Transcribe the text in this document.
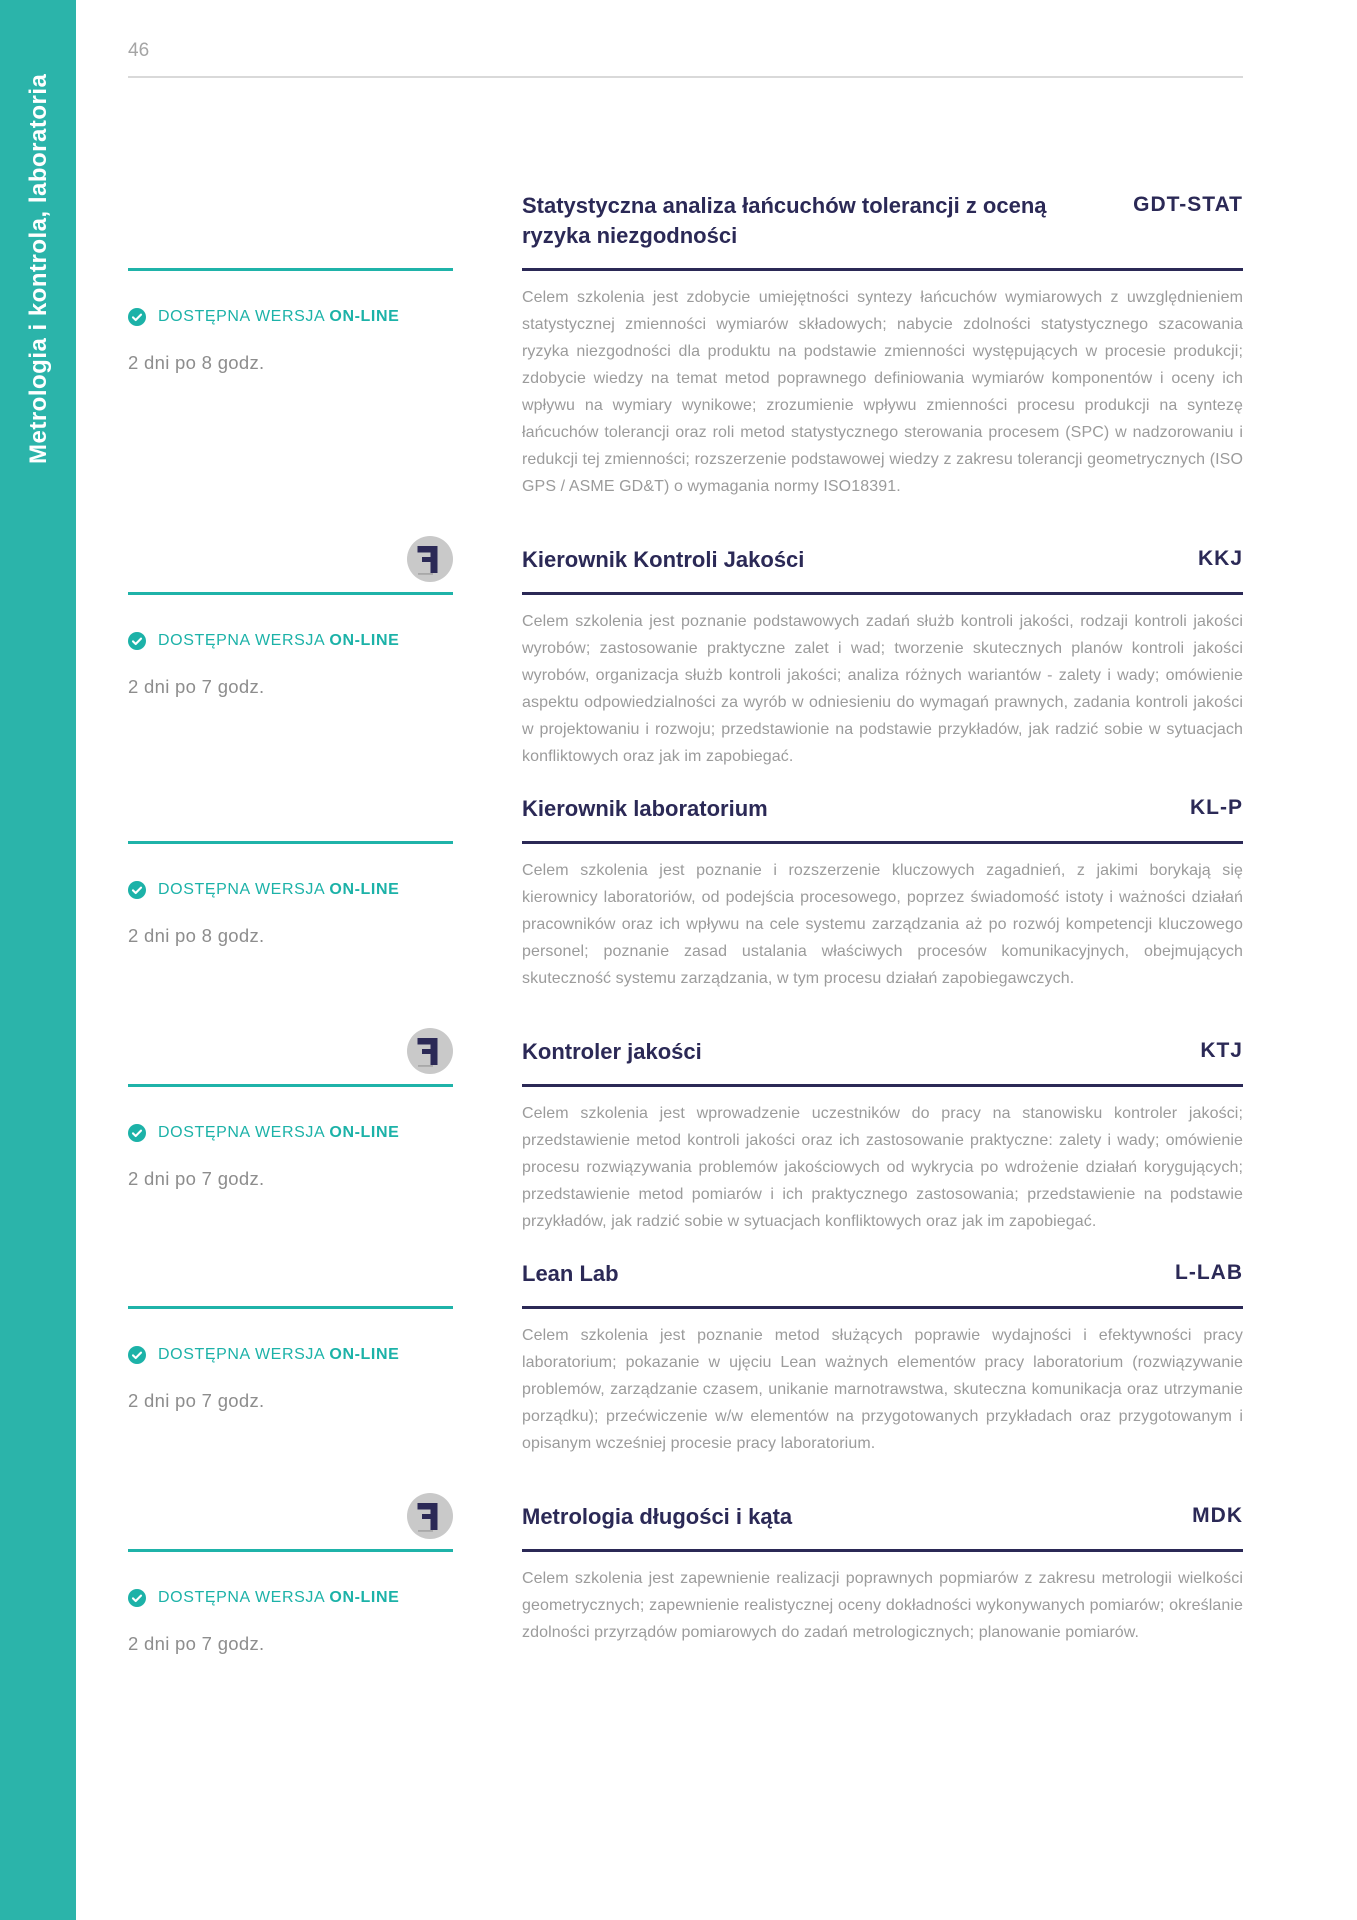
Metrologia i kontrola, laboratoria
46
Statystyczna analiza łańcuchów tolerancji z oceną ryzyka niezgodności
GDT-STAT
DOSTĘPNA WERSJA ON-LINE
2 dni po 8 godz.

Celem szkolenia jest zdobycie umiejętności syntezy łańcuchów wymiarowych z uwzględnieniem statystycznej zmienności wymiarów składowych; nabycie zdolności statystycznego szacowania ryzyka niezgodności dla produktu na podstawie zmienności występujących w procesie produkcji; zdobycie wiedzy na temat metod poprawnego definiowania wymiarów komponentów i oceny ich wpływu na wymiary wynikowe; zrozumienie wpływu zmienności procesu produkcji na syntezę łańcuchów tolerancji oraz roli metod statystycznego sterowania procesem (SPC) w nadzorowaniu i redukcji tej zmienności; rozszerzenie podstawowej wiedzy z zakresu tolerancji geometrycznych (ISO GPS / ASME GD&T) o wymagania normy ISO18391.

Kierownik Kontroli Jakości	KKJ
DOSTĘPNA WERSJA ON-LINE
2 dni po 7 godz.

Celem szkolenia jest poznanie podstawowych zadań służb kontroli jakości, rodzaji kontroli jakości wyrobów; zastosowanie praktyczne zalet i wad; tworzenie skutecznych planów kontroli jakości wyrobów, organizacja służb kontroli jakości; analiza różnych wariantów - zalety i wady; omówienie aspektu odpowiedzialności za wyrób w odniesieniu do wymagań prawnych, zadania kontroli jakości w projektowaniu i rozwoju; przedstawionie na podstawie przykładów, jak radzić sobie w sytuacjach konfliktowych oraz jak im zapobiegać.

Kierownik laboratorium	KL-P
DOSTĘPNA WERSJA ON-LINE
2 dni po 8 godz.

Celem szkolenia jest poznanie i rozszerzenie kluczowych zagadnień, z jakimi borykają się kierownicy laboratoriów, od podejścia procesowego, poprzez świadomość istoty i ważności działań pracowników oraz ich wpływu na cele systemu zarządzania aż po rozwój kompetencji kluczowego personel; poznanie zasad ustalania właściwych procesów komunikacyjnych, obejmujących skuteczność systemu zarządzania, w tym procesu działań zapobiegawczych.

Kontroler jakości	KTJ
DOSTĘPNA WERSJA ON-LINE
2 dni po 7 godz.

Celem szkolenia jest wprowadzenie uczestników do pracy na stanowisku kontroler jakości; przedstawienie metod kontroli jakości oraz ich zastosowanie praktyczne: zalety i wady; omówienie procesu rozwiązywania problemów jakościowych od wykrycia po wdrożenie działań korygujących; przedstawienie metod pomiarów i ich praktycznego zastosowania; przedstawienie na podstawie przykładów, jak radzić sobie w sytuacjach konfliktowych oraz jak im zapobiegać.

Lean Lab	L-LAB
DOSTĘPNA WERSJA ON-LINE
2 dni po 7 godz.

Celem szkolenia jest poznanie metod służących poprawie wydajności i efektywności pracy laboratorium; pokazanie w ujęciu Lean ważnych elementów pracy laboratorium (rozwiązywanie problemów, zarządzanie czasem, unikanie marnotrawstwa, skuteczna komunikacja oraz utrzymanie porządku); przećwiczenie w/w elementów na przygotowanych przykładach oraz przygotowanym i opisanym wcześniej procesie pracy laboratorium.

Metrologia długości i kąta	MDK
DOSTĘPNA WERSJA ON-LINE
2 dni po 7 godz.

Celem szkolenia jest zapewnienie realizacji poprawnych popmiarów z zakresu metrologii wielkości geometrycznych; zapewnienie realistycznej oceny dokładności wykonywanych pomiarów; określanie zdolności przyrządów pomiarowych do zadań metrologicznych; planowanie pomiarów.
